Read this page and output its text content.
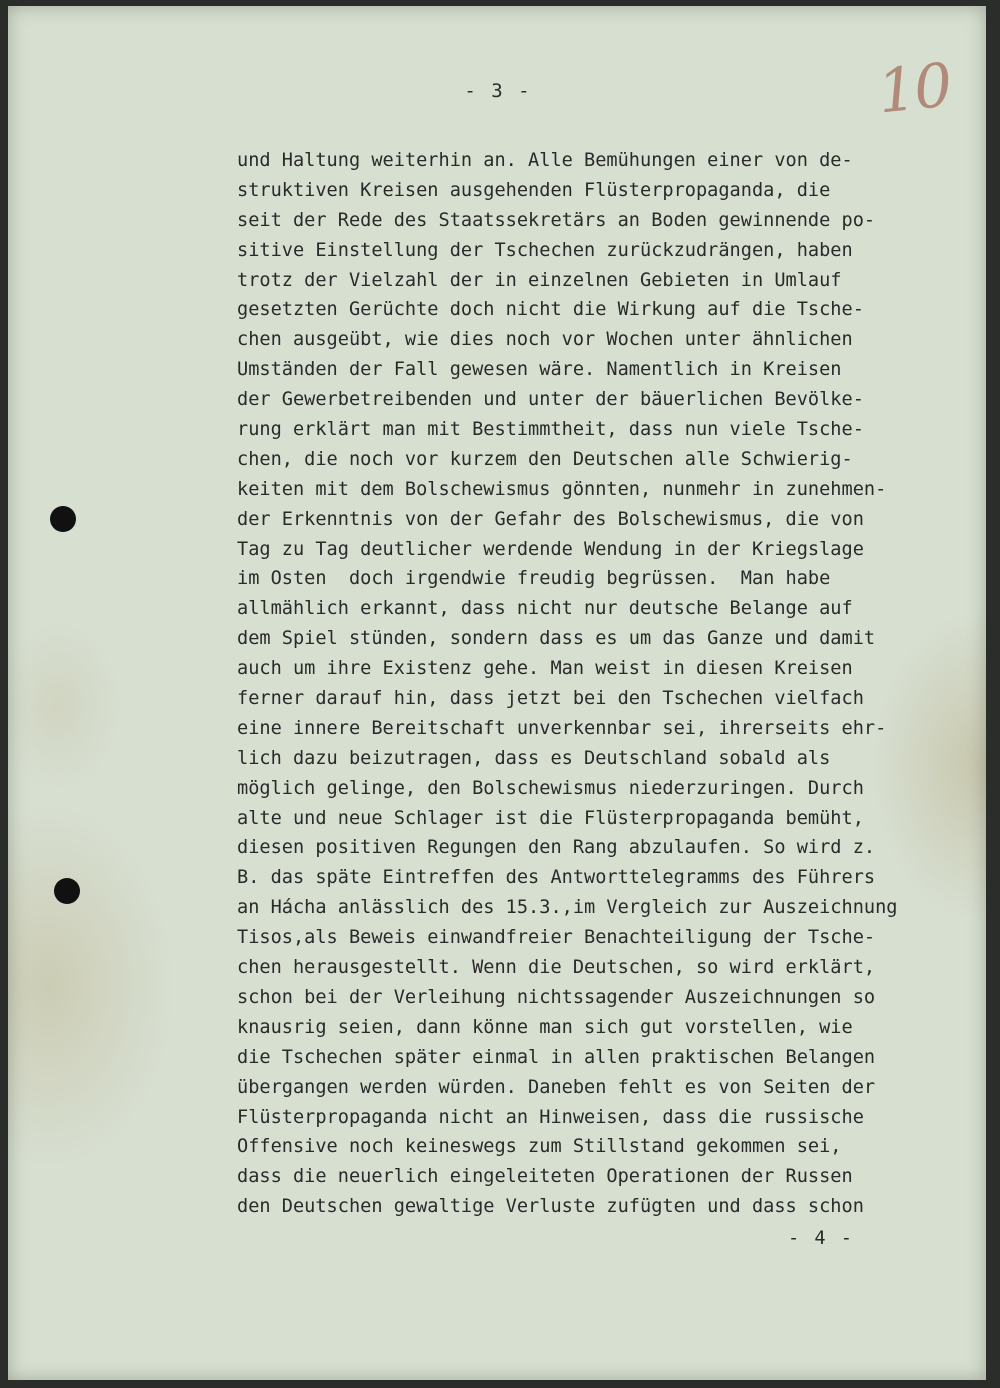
- 3 -	10
und Haltung weiterhin an. Alle Bemühungen einer von de-
struktiven Kreisen ausgehenden Flüsterpropaganda, die
seit der Rede des Staatssekretärs an Boden gewinnende po-
sitive Einstellung der Tschechen zurückzudrängen, haben
trotz der Vielzahl der in einzelnen Gebieten in Umlauf
gesetzten Gerüchte doch nicht die Wirkung auf die Tsche-
chen ausgeübt, wie dies noch vor Wochen unter ähnlichen
Umständen der Fall gewesen wäre. Namentlich in Kreisen
der Gewerbetreibenden und unter der bäuerlichen Bevölke-
rung erklärt man mit Bestimmtheit, dass nun viele Tsche-
chen, die noch vor kurzem den Deutschen alle Schwierig-
keiten mit dem Bolschewismus gönnten, nunmehr in zunehmen-
der Erkenntnis von der Gefahr des Bolschewismus, die von
Tag zu Tag deutlicher werdende Wendung in der Kriegslage
im Osten  doch irgendwie freudig begrüssen.  Man habe
allmählich erkannt, dass nicht nur deutsche Belange auf
dem Spiel stünden, sondern dass es um das Ganze und damit
auch um ihre Existenz gehe. Man weist in diesen Kreisen
ferner darauf hin, dass jetzt bei den Tschechen vielfach
eine innere Bereitschaft unverkennbar sei, ihrerseits ehr-
lich dazu beizutragen, dass es Deutschland sobald als
möglich gelinge, den Bolschewismus niederzuringen. Durch
alte und neue Schlager ist die Flüsterpropaganda bemüht,
diesen positiven Regungen den Rang abzulaufen. So wird z.
B. das späte Eintreffen des Antworttelegramms des Führers
an Hácha anlässlich des 15.3.,im Vergleich zur Auszeichnung
Tisos,als Beweis einwandfreier Benachteiligung der Tsche-
chen herausgestellt. Wenn die Deutschen, so wird erklärt,
schon bei der Verleihung nichtssagender Auszeichnungen so
knausrig seien, dann könne man sich gut vorstellen, wie
die Tschechen später einmal in allen praktischen Belangen
übergangen werden würden. Daneben fehlt es von Seiten der
Flüsterpropaganda nicht an Hinweisen, dass die russische
Offensive noch keineswegs zum Stillstand gekommen sei,
dass die neuerlich eingeleiteten Operationen der Russen
den Deutschen gewaltige Verluste zufügten und dass schon
- 4 -
